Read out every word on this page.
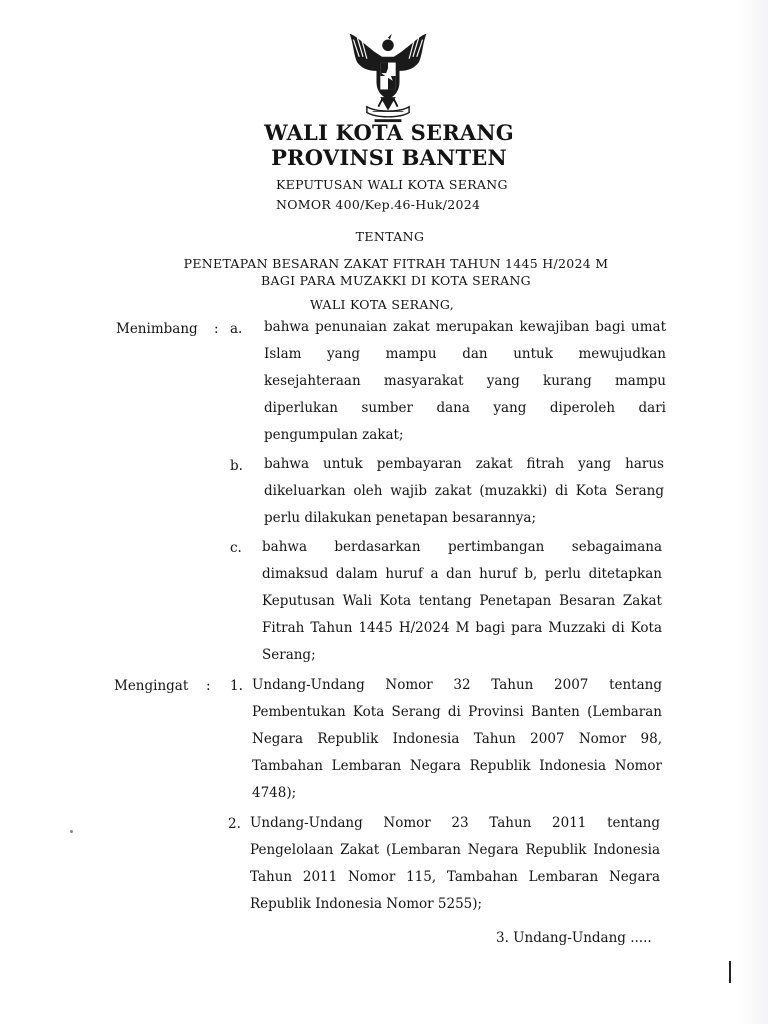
WALI KOTA SERANG
PROVINSI BANTEN
KEPUTUSAN WALI KOTA SERANG
NOMOR 400/Kep.46-Huk/2024
TENTANG
PENETAPAN BESARAN ZAKAT FITRAH TAHUN 1445 H/2024 M
BAGI PARA MUZAKKI DI KOTA SERANG
WALI KOTA SERANG,
Menimbang : a. bahwa penunaian zakat merupakan kewajiban bagi umat
Islam yang mampu dan untuk mewujudkan
kesejahteraan masyarakat yang kurang mampu
diperlukan sumber dana yang diperoleh dari
pengumpulan zakat;
b. bahwa untuk pembayaran zakat fitrah yang harus
dikeluarkan oleh wajib zakat (muzakki) di Kota Serang
perlu dilakukan penetapan besarannya;
c. bahwa berdasarkan pertimbangan sebagaimana
dimaksud dalam huruf a dan huruf b, perlu ditetapkan
Keputusan Wali Kota tentang Penetapan Besaran Zakat
Fitrah Tahun 1445 H/2024 M bagi para Muzzaki di Kota
Serang;
Mengingat : 1. Undang-Undang Nomor 32 Tahun 2007 tentang
Pembentukan Kota Serang di Provinsi Banten (Lembaran
Negara Republik Indonesia Tahun 2007 Nomor 98,
Tambahan Lembaran Negara Republik Indonesia Nomor
4748);
2. Undang-Undang Nomor 23 Tahun 2011 tentang
Pengelolaan Zakat (Lembaran Negara Republik Indonesia
Tahun 2011 Nomor 115, Tambahan Lembaran Negara
Republik Indonesia Nomor 5255);
3. Undang-Undang .....
